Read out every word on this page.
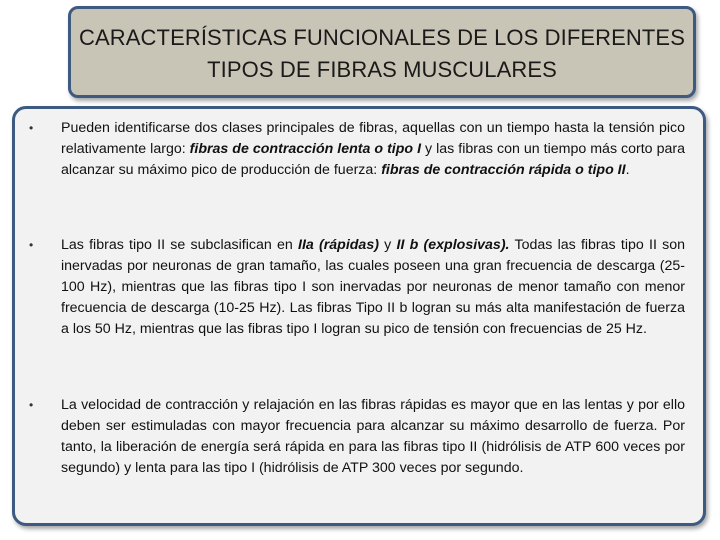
CARACTERÍSTICAS FUNCIONALES DE LOS DIFERENTES
TIPOS DE FIBRAS MUSCULARES
• Pueden identificarse dos clases principales de fibras, aquellas con un tiempo hasta la tensión pico relativamente largo: fibras de contracción lenta o tipo I y las fibras con un tiempo más corto para alcanzar su máximo pico de producción de fuerza: fibras de contracción rápida o tipo II.
• Las fibras tipo II se subclasifican en IIa (rápidas) y II b (explosivas). Todas las fibras tipo II son inervadas por neuronas de gran tamaño, las cuales poseen una gran frecuencia de descarga (25-100 Hz), mientras que las fibras tipo I son inervadas por neuronas de menor tamaño con menor frecuencia de descarga (10-25 Hz). Las fibras Tipo II b logran su más alta manifestación de fuerza a los 50 Hz, mientras que las fibras tipo I logran su pico de tensión con frecuencias de 25 Hz.
• La velocidad de contracción y relajación en las fibras rápidas es mayor que en las lentas y por ello deben ser estimuladas con mayor frecuencia para alcanzar su máximo desarrollo de fuerza. Por tanto, la liberación de energía será rápida en para las fibras tipo II (hidrólisis de ATP 600 veces por segundo) y lenta para las tipo I (hidrólisis de ATP 300 veces por segundo.
